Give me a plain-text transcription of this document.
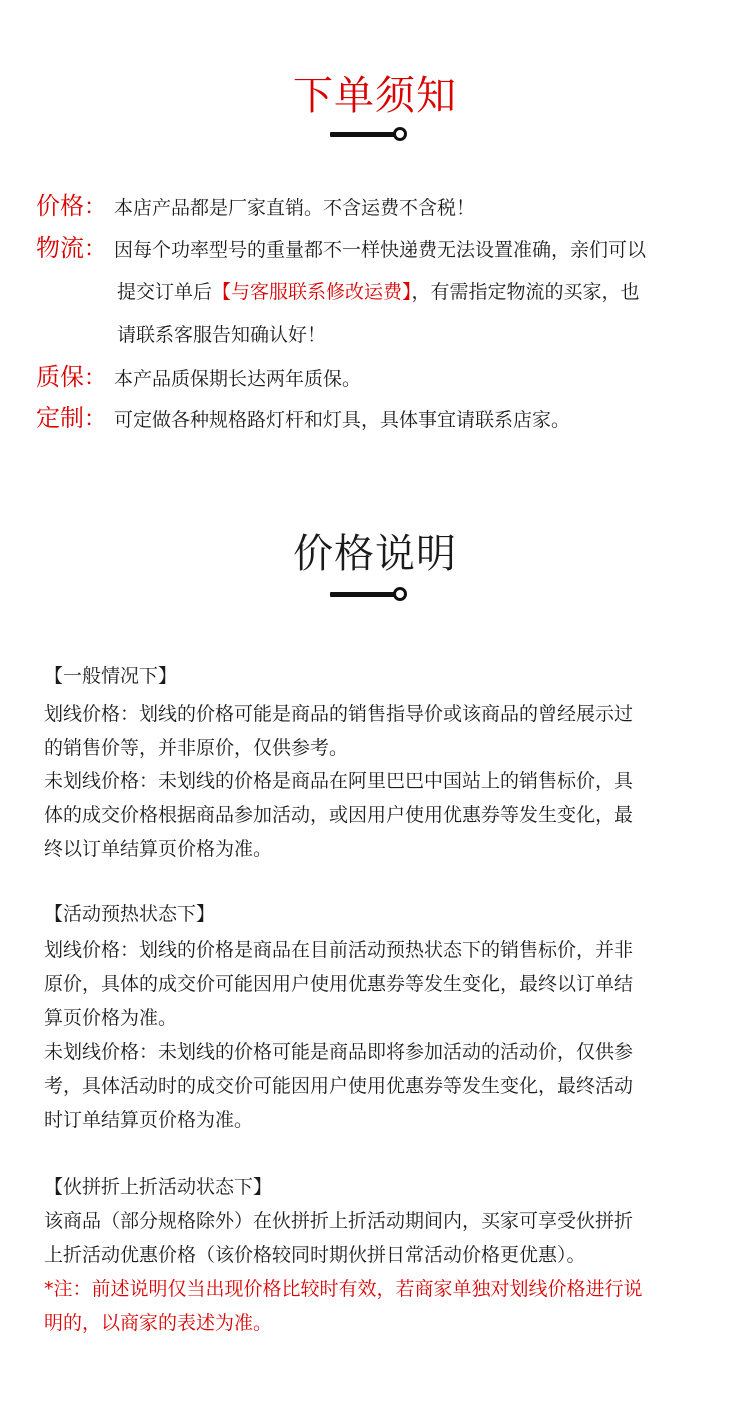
下单须知
价格： 本店产品都是厂家直销。不含运费不含税！
物流： 因每个功率型号的重量都不一样快递费无法设置准确，亲们可以
提交订单后【与客服联系修改运费】，有需指定物流的买家，也
请联系客服告知确认好！
质保： 本产品质保期长达两年质保。
定制： 可定做各种规格路灯杆和灯具，具体事宜请联系店家。
价格说明
【一般情况下】
划线价格：划线的价格可能是商品的销售指导价或该商品的曾经展示过
的销售价等，并非原价，仅供参考。
未划线价格：未划线的价格是商品在阿里巴巴中国站上的销售标价，具
体的成交价格根据商品参加活动，或因用户使用优惠券等发生变化，最
终以订单结算页价格为准。
【活动预热状态下】
划线价格：划线的价格是商品在目前活动预热状态下的销售标价，并非
原价，具体的成交价可能因用户使用优惠券等发生变化，最终以订单结
算页价格为准。
未划线价格：未划线的价格可能是商品即将参加活动的活动价，仅供参
考，具体活动时的成交价可能因用户使用优惠券等发生变化，最终活动
时订单结算页价格为准。
【伙拼折上折活动状态下】
该商品（部分规格除外）在伙拼折上折活动期间内，买家可享受伙拼折
上折活动优惠价格（该价格较同时期伙拼日常活动价格更优惠）。
*注：前述说明仅当出现价格比较时有效，若商家单独对划线价格进行说
明的，以商家的表述为准。
